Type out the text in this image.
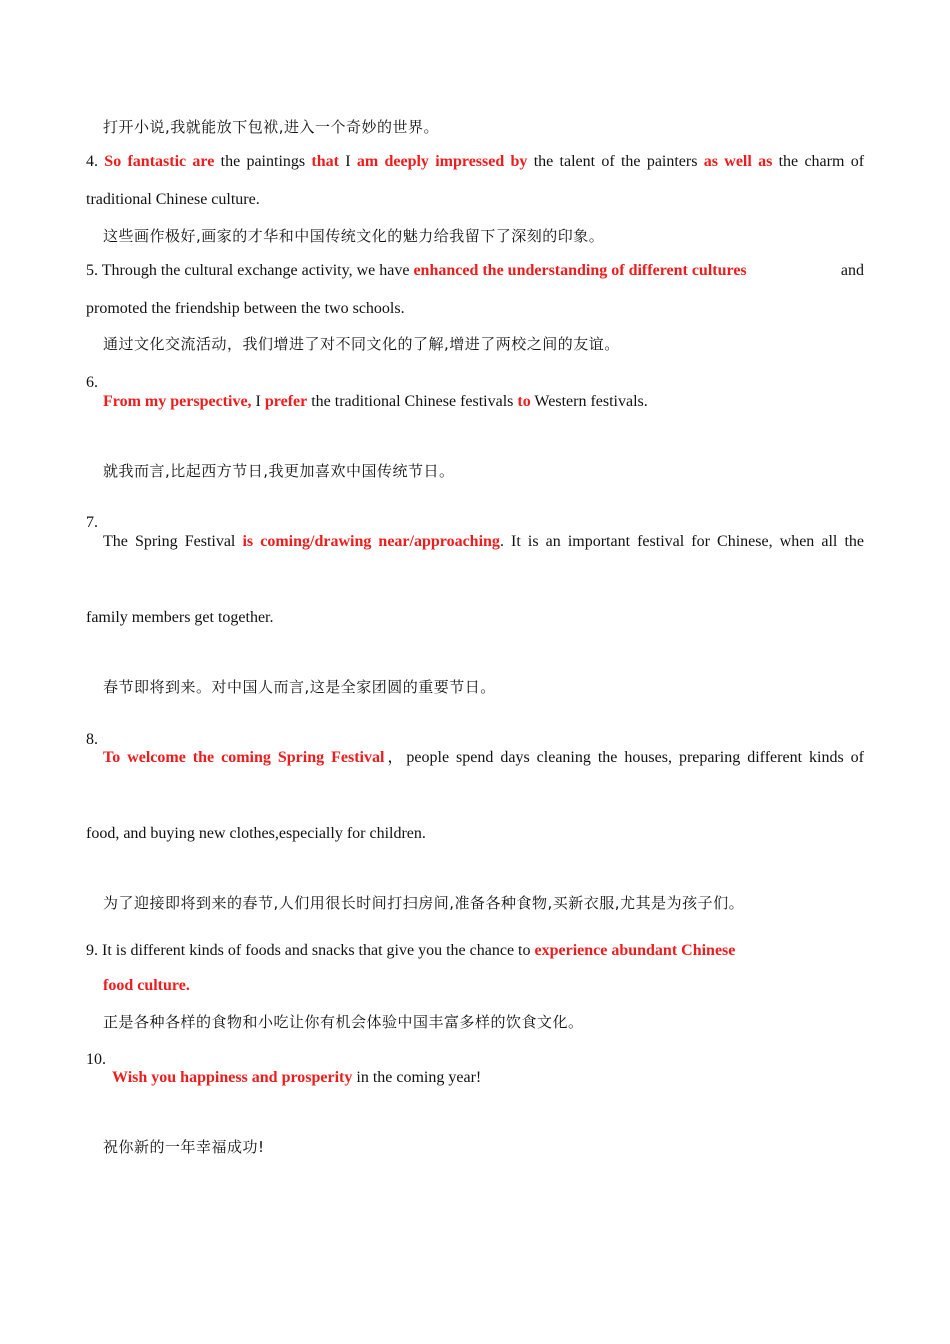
打开小说,我就能放下包袱,进入一个奇妙的世界。
4. So fantastic are the paintings that I am deeply impressed by the talent of the painters as well as the charm of
traditional Chinese culture.
这些画作极好,画家的才华和中国传统文化的魅力给我留下了深刻的印象。
5. Through the cultural exchange activity, we have enhanced the understanding of different cultures	and
promoted the friendship between the two schools.
通过文化交流活动，我们增进了对不同文化的了解,增进了两校之间的友谊。
6.
From my perspective, I prefer the traditional Chinese festivals to Western festivals.
就我而言,比起西方节日,我更加喜欢中国传统节日。
7.
The Spring Festival is coming/drawing near/approaching. It is an important festival for Chinese, when all the
family members get together.
春节即将到来。对中国人而言,这是全家团圆的重要节日。
8.
To welcome the coming Spring Festival，people spend days cleaning the houses, preparing different kinds of
food, and buying new clothes,especially for children.
为了迎接即将到来的春节,人们用很长时间打扫房间,准备各种食物,买新衣服,尤其是为孩子们。
9. It is different kinds of foods and snacks that give you the chance to experience abundant Chinese
food culture.
正是各种各样的食物和小吃让你有机会体验中国丰富多样的饮食文化。
10.
Wish you happiness and prosperity in the coming year!
祝你新的一年幸福成功!
